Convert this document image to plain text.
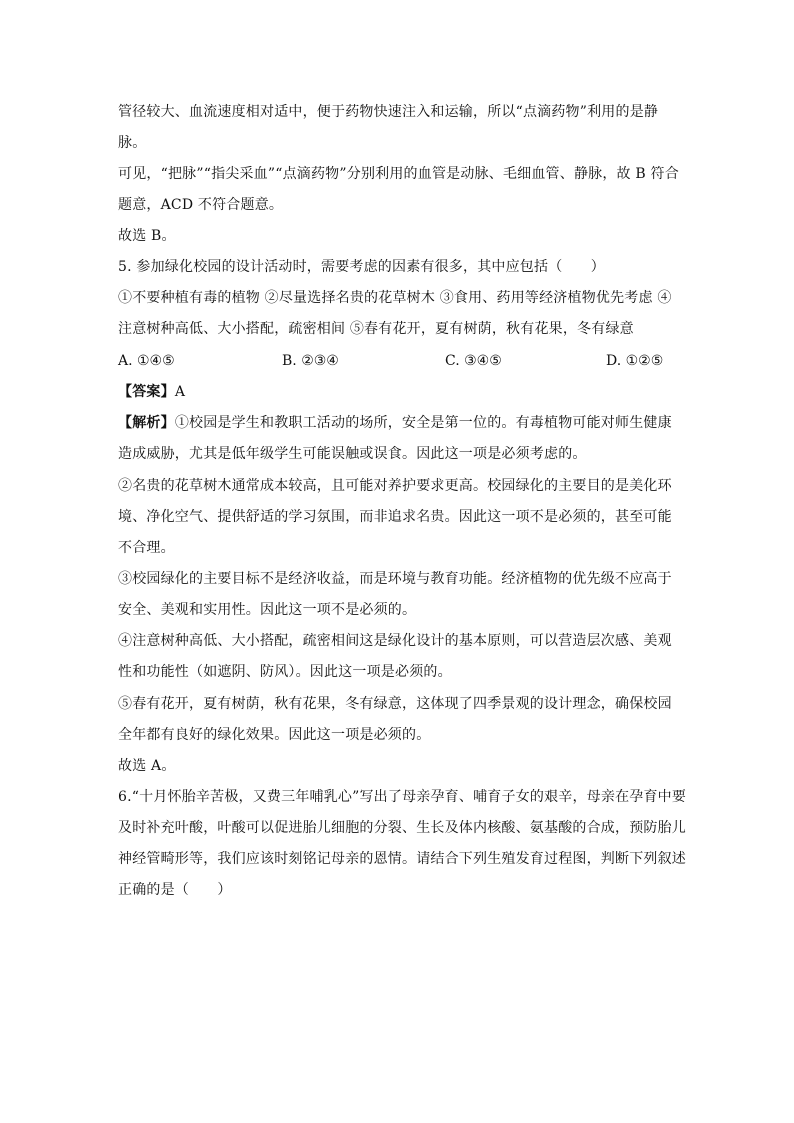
管径较大、血流速度相对适中，便于药物快速注入和运输，所以“点滴药物”利用的是静
脉。
可见，“把脉”“指尖采血”“点滴药物”分别利用的血管是动脉、毛细血管、静脉，故 B 符合
题意，ACD 不符合题意。
故选 B。
5. 参加绿化校园的设计活动时，需要考虑的因素有很多，其中应包括（　　）
①不要种植有毒的植物 ②尽量选择名贵的花草树木 ③食用、药用等经济植物优先考虑 ④
注意树种高低、大小搭配，疏密相间 ⑤春有花开，夏有树荫，秋有花果，冬有绿意
A. ①④⑤	B. ②③④	C. ③④⑤	D. ①②⑤
【答案】A
【解析】①校园是学生和教职工活动的场所，安全是第一位的。有毒植物可能对师生健康
造成威胁，尤其是低年级学生可能误触或误食。因此这一项是必须考虑的。
②名贵的花草树木通常成本较高，且可能对养护要求更高。校园绿化的主要目的是美化环
境、净化空气、提供舒适的学习氛围，而非追求名贵。因此这一项不是必须的，甚至可能
不合理。
③校园绿化的主要目标不是经济收益，而是环境与教育功能。经济植物的优先级不应高于
安全、美观和实用性。因此这一项不是必须的。
④注意树种高低、大小搭配，疏密相间这是绿化设计的基本原则，可以营造层次感、美观
性和功能性（如遮阴、防风）。因此这一项是必须的。
⑤春有花开，夏有树荫，秋有花果，冬有绿意，这体现了四季景观的设计理念，确保校园
全年都有良好的绿化效果。因此这一项是必须的。
故选 A。
6.“十月怀胎辛苦极，又费三年哺乳心”写出了母亲孕育、哺育子女的艰辛，母亲在孕育中要
及时补充叶酸，叶酸可以促进胎儿细胞的分裂、生长及体内核酸、氨基酸的合成，预防胎儿
神经管畸形等，我们应该时刻铭记母亲的恩情。请结合下列生殖发育过程图，判断下列叙述
正确的是（　　）
